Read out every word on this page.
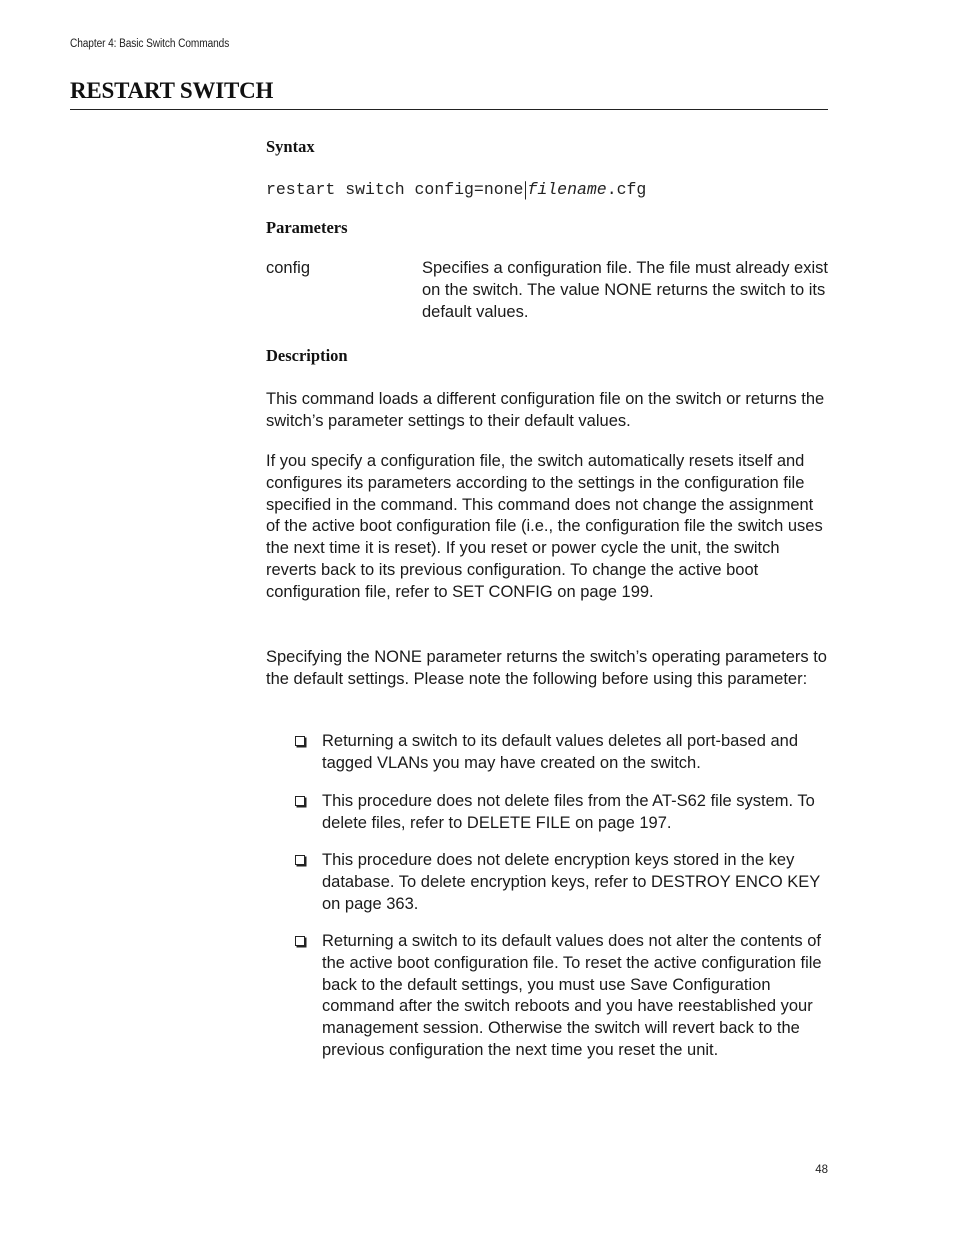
Chapter 4: Basic Switch Commands
RESTART SWITCH
Syntax
restart switch config=none|filename.cfg
Parameters
config	Specifies a configuration file. The file must already exist on the switch. The value NONE returns the switch to its default values.

Description

This command loads a different configuration file on the switch or returns the switch’s parameter settings to their default values.

If you specify a configuration file, the switch automatically resets itself and configures its parameters according to the settings in the configuration file specified in the command. This command does not change the assignment of the active boot configuration file (i.e., the configuration file the switch uses the next time it is reset). If you reset or power cycle the unit, the switch reverts back to its previous configuration. To change the active boot configuration file, refer to SET CONFIG on page 199.

Specifying the NONE parameter returns the switch’s operating parameters to the default settings. Please note the following before using this parameter:

Returning a switch to its default values deletes all port-based and tagged VLANs you may have created on the switch.

This procedure does not delete files from the AT-S62 file system. To delete files, refer to DELETE FILE on page 197.

This procedure does not delete encryption keys stored in the key database. To delete encryption keys, refer to DESTROY ENCO KEY on page 363.

Returning a switch to its default values does not alter the contents of the active boot configuration file. To reset the active configuration file back to the default settings, you must use Save Configuration command after the switch reboots and you have reestablished your management session. Otherwise the switch will revert back to the previous configuration the next time you reset the unit.

48
